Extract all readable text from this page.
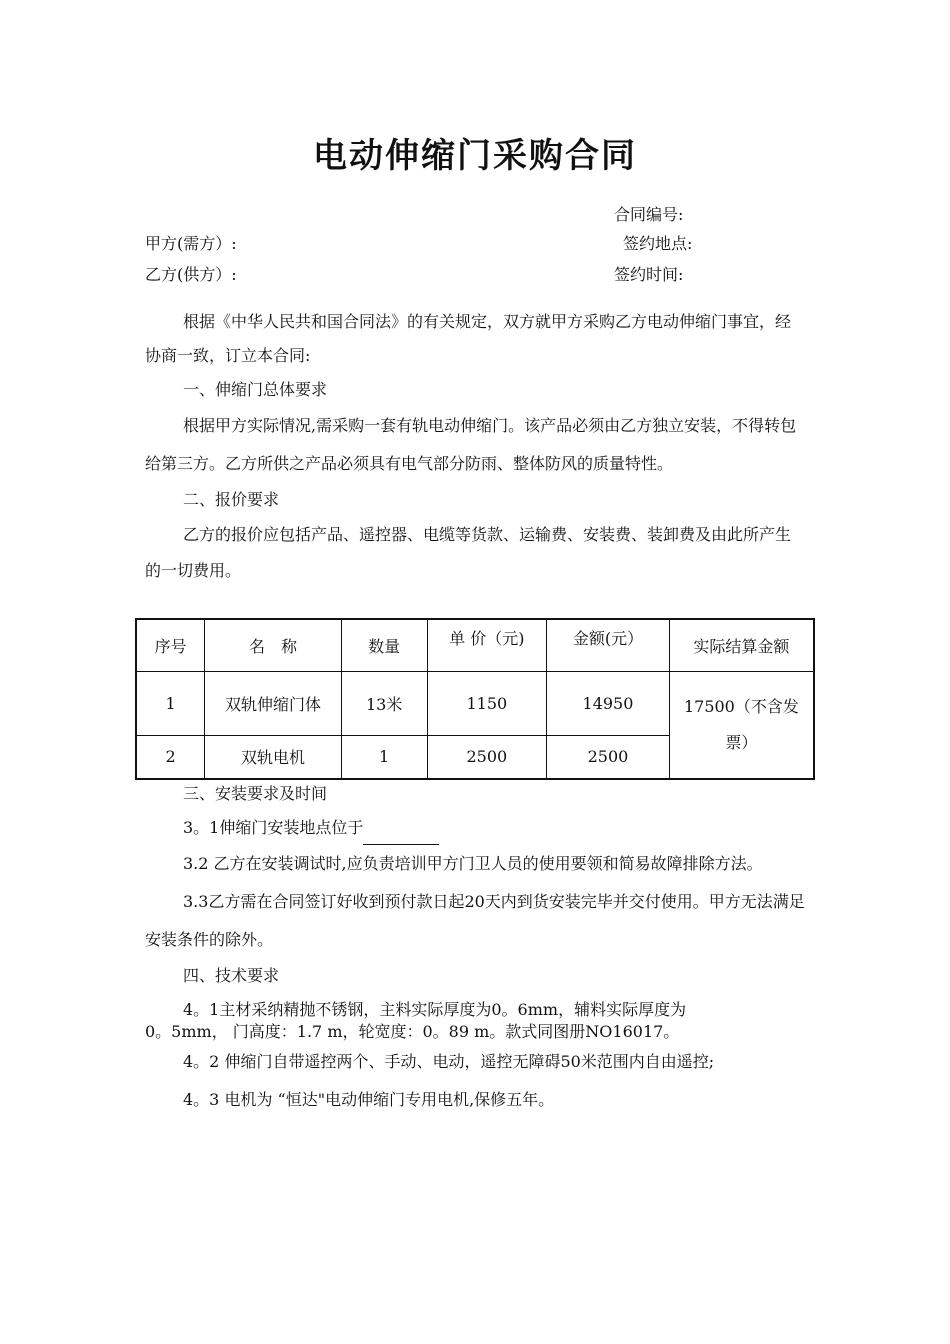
电动伸缩门采购合同
合同编号:
甲方(需方）:	签约地点:
乙方(供方）:	签约时间:

根据《中华人民共和国合同法》的有关规定，双方就甲方采购乙方电动伸缩门事宜，经协商一致，订立本合同:

一、伸缩门总体要求

根据甲方实际情况,需采购一套有轨电动伸缩门。该产品必须由乙方独立安装，不得转包给第三方。乙方所供之产品必须具有电气部分防雨、整体防风的质量特性。

二、报价要求

乙方的报价应包括产品、遥控器、电缆等货款、运输费、安装费、装卸费及由此所产生的一切费用。

序号	名　称	数量	单 价（元)	金额(元）	实际结算金额
1	双轨伸缩门体	13米	1150	14950	17500（不含发票）
2	双轨电机	1	2500	2500	

三、安装要求及时间

3。1伸缩门安装地点位于

3.2 乙方在安装调试时,应负责培训甲方门卫人员的使用要领和简易故障排除方法。

3.3乙方需在合同签订好收到预付款日起20天内到货安装完毕并交付使用。甲方无法满足安装条件的除外。

四、技术要求

4。1主材采纳精抛不锈钢，主料实际厚度为0。6mm，辅料实际厚度为

0。5mm， 门高度：1.7 m，轮宽度：0。89 m。款式同图册NO16017。

4。2 伸缩门自带遥控两个、手动、电动，遥控无障碍50米范围内自由遥控;

4。3 电机为 “恒达"电动伸缩门专用电机,保修五年。
